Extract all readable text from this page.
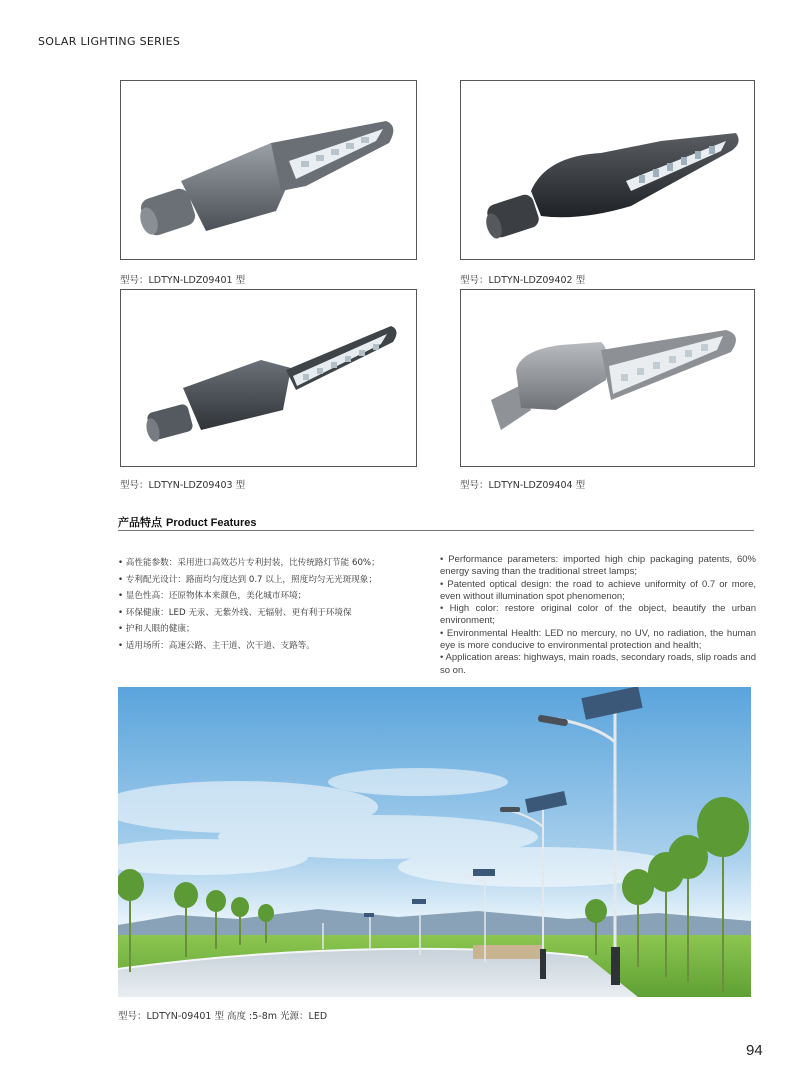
SOLAR LIGHTING SERIES
型号：LDTYN-LDZ09401 型	型号：LDTYN-LDZ09402 型
型号：LDTYN-LDZ09403 型	型号：LDTYN-LDZ09404 型
产品特点 Product Features
• 高性能参数：采用进口高效芯片专利封装，比传统路灯节能 60%；
• 专利配光设计：路面均匀度达到 0.7 以上，照度均匀无光斑现象；
• 显色性高：还原物体本来颜色，美化城市环境；
• 环保健康：LED 无汞、无紫外线、无辐射、更有利于环境保
• 护和人眼的健康；
• 适用场所：高速公路、主干道、次干道、支路等。
• Performance parameters: imported high chip packaging patents, 60% energy saving than the traditional street lamps;
• Patented optical design: the road to achieve uniformity of 0.7 or more, even without illumination spot phenomenon;
• High color: restore original color of the object, beautify the urban environment;
• Environmental Health: LED no mercury, no UV, no radiation, the human eye is more conducive to environmental protection and health;
• Application areas: highways, main roads, secondary roads, slip roads and so on.
型号：LDTYN-09401 型 高度 :5-8m 光源：LED
94
